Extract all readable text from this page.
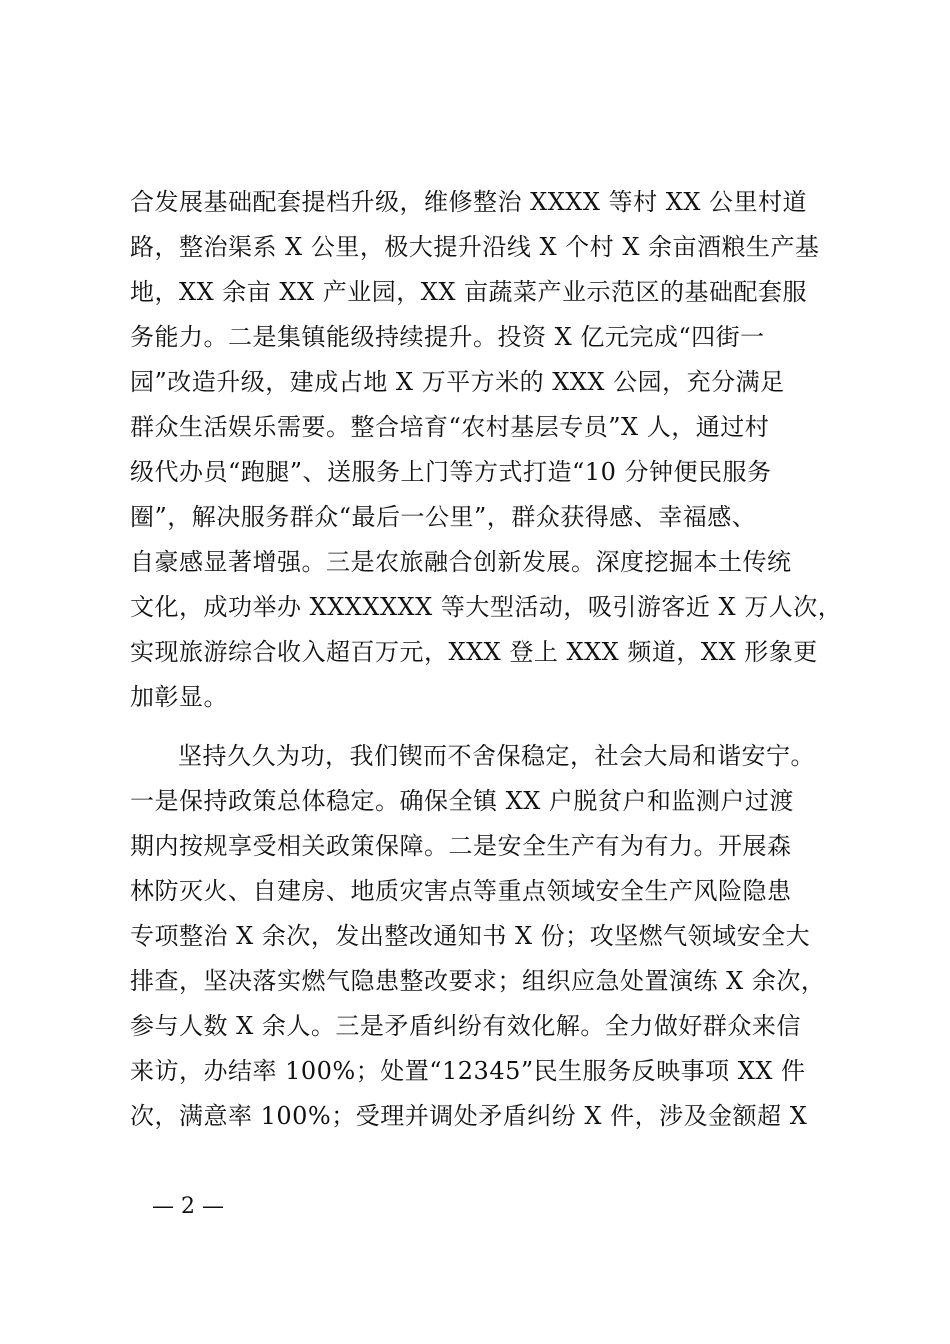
合发展基础配套提档升级，维修整治 XXXX 等村 XX 公里村道
路，整治渠系 X 公里，极大提升沿线 X 个村 X 余亩酒粮生产基
地，XX 余亩 XX 产业园，XX 亩蔬菜产业示范区的基础配套服
务能力。二是集镇能级持续提升。投资 X 亿元完成“四街一
园”改造升级，建成占地 X 万平方米的 XXX 公园，充分满足
群众生活娱乐需要。整合培育“农村基层专员”X 人，通过村
级代办员“跑腿”、送服务上门等方式打造“10 分钟便民服务
圈”，解决服务群众“最后一公里”，群众获得感、幸福感、
自豪感显著增强。三是农旅融合创新发展。深度挖掘本土传统
文化，成功举办 XXXXXXX 等大型活动，吸引游客近 X 万人次，
实现旅游综合收入超百万元，XXX 登上 XXX 频道，XX 形象更
加彰显。
坚持久久为功，我们锲而不舍保稳定，社会大局和谐安宁。
一是保持政策总体稳定。确保全镇 XX 户脱贫户和监测户过渡
期内按规享受相关政策保障。二是安全生产有为有力。开展森
林防灭火、自建房、地质灾害点等重点领域安全生产风险隐患
专项整治 X 余次，发出整改通知书 X 份；攻坚燃气领域安全大
排查，坚决落实燃气隐患整改要求；组织应急处置演练 X 余次，
参与人数 X 余人。三是矛盾纠纷有效化解。全力做好群众来信
来访，办结率 100%；处置“12345”民生服务反映事项 XX 件
次，满意率 100%；受理并调处矛盾纠纷 X 件，涉及金额超 X
— 2 —
